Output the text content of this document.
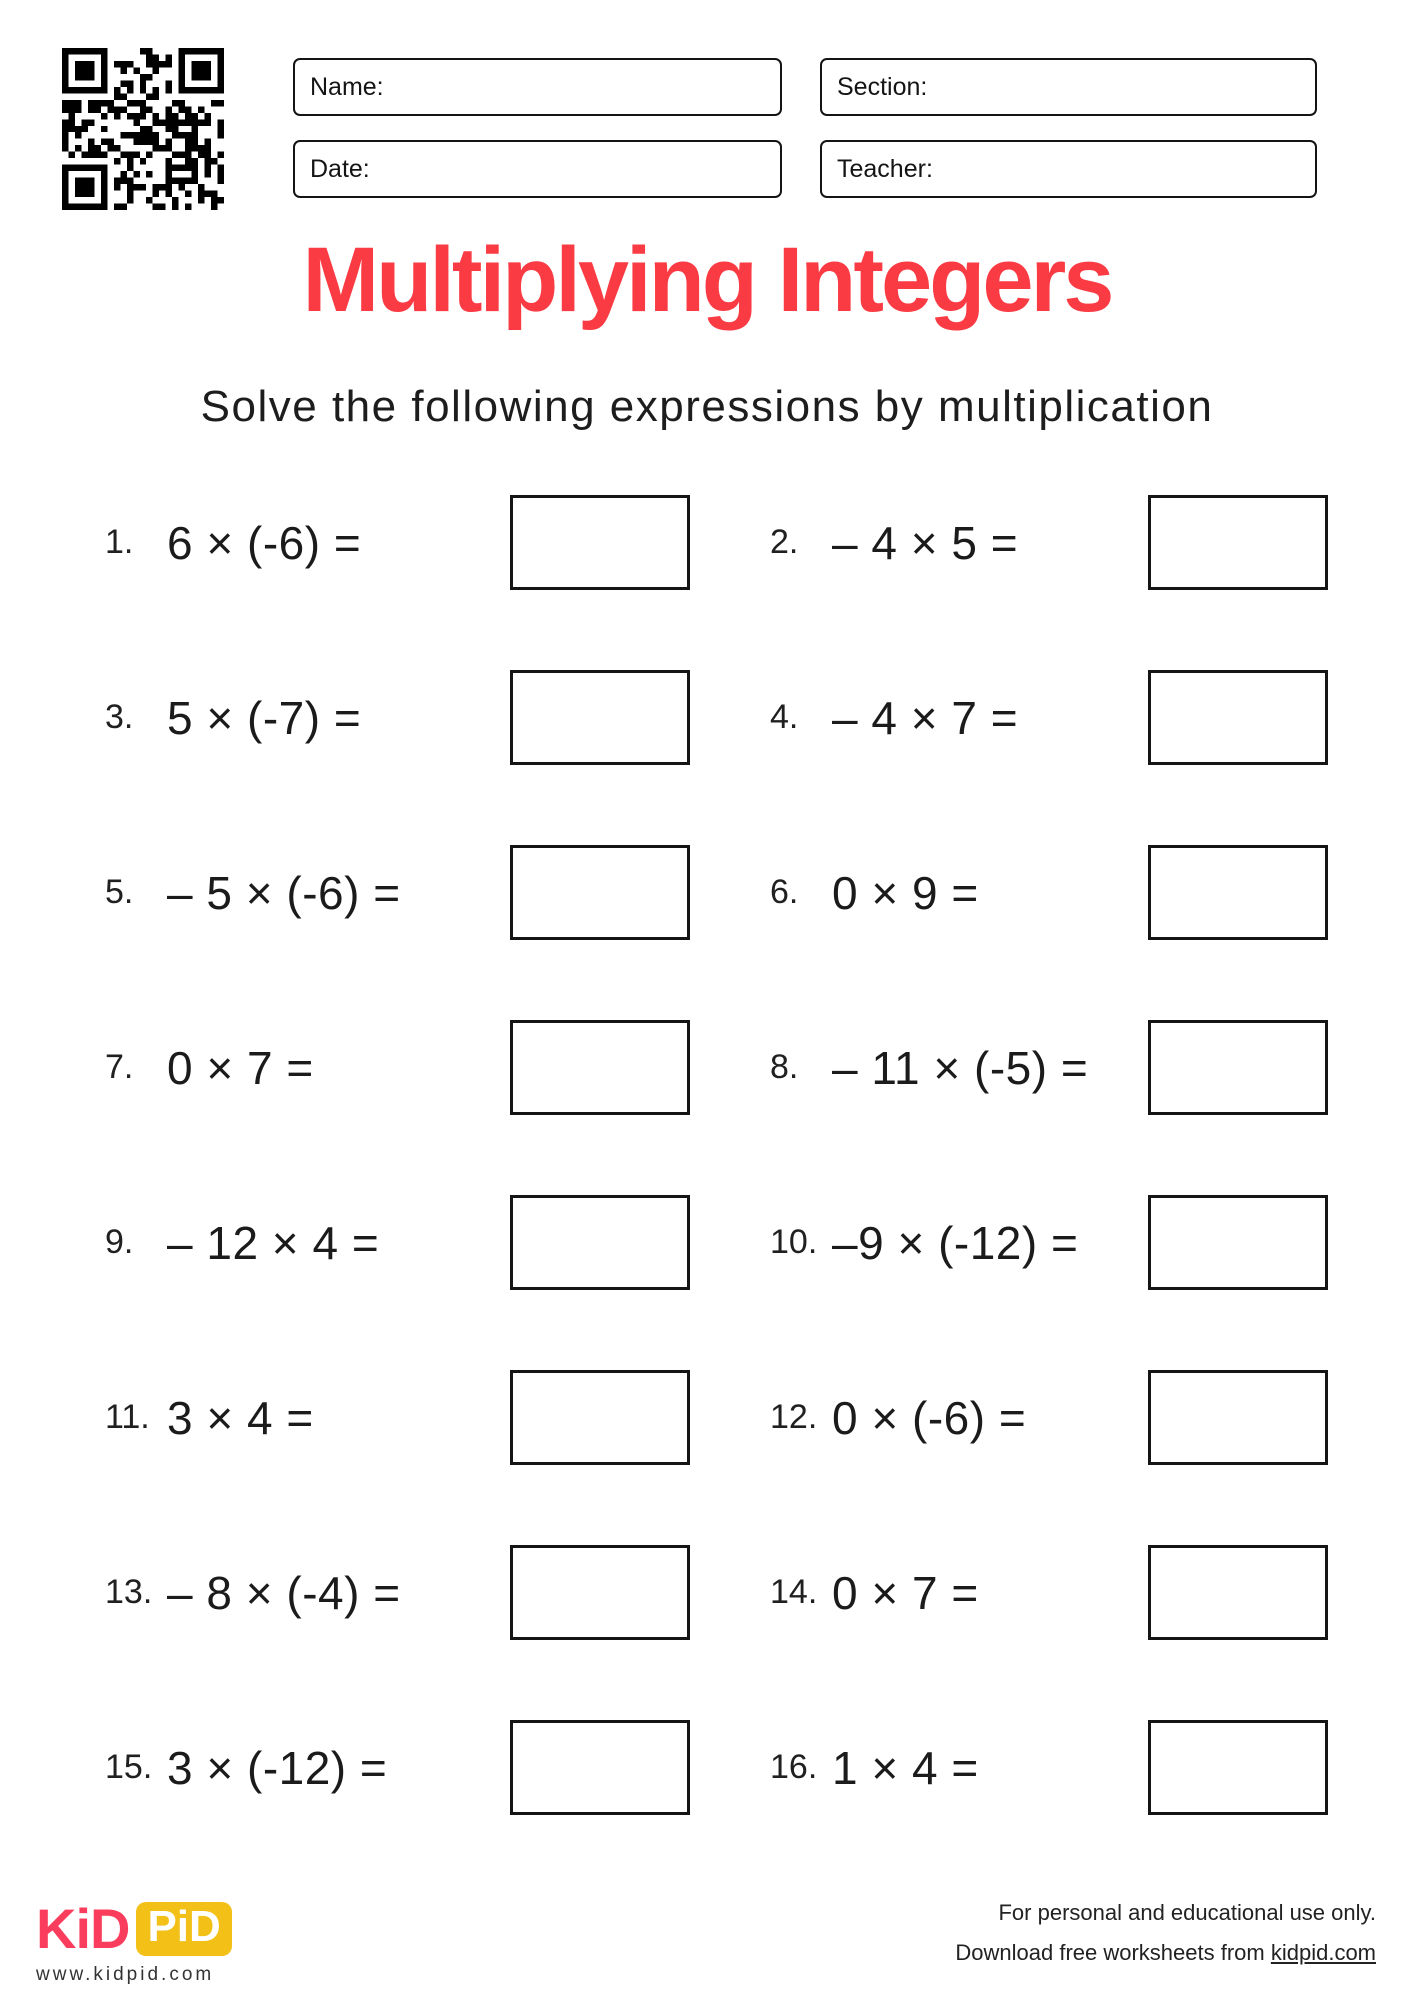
Name:	Section:
Date:	Teacher:
Multiplying Integers
Solve the following expressions by multiplication
1. 6 × (-6) =	2. – 4 × 5 =
3. 5 × (-7) =	4. – 4 × 7 =
5. – 5 × (-6) =	6. 0 × 9 =
7. 0 × 7 =	8. – 11 × (-5) =
9. – 12 × 4 =	10. –9 × (-12) =
11. 3 × 4 =	12. 0 × (-6) =
13. – 8 × (-4) =	14. 0 × 7 =
15. 3 × (-12) =	16. 1 × 4 =
KiD PiD
www.kidpid.com
For personal and educational use only.
Download free worksheets from kidpid.com
